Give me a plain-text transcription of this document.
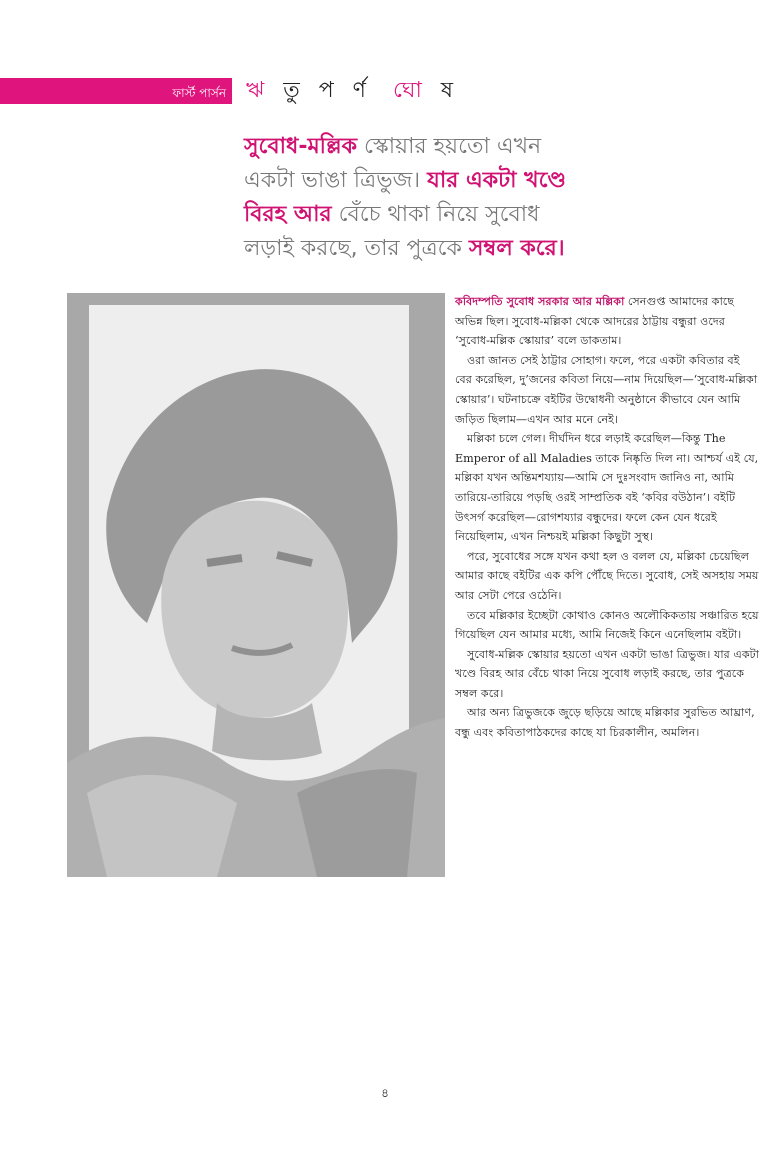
ফার্স্ট পার্সন ঋ তু প র্ণ ঘো ষ
সুবোধ-মল্লিক স্কোয়ার হয়তো এখন
একটা ভাঙা ত্রিভুজ। যার একটা খণ্ডে
বিরহ আর বেঁচে থাকা নিয়ে সুবোধ
লড়াই করছে, তার পুত্রকে সম্বল করে।

কবিদম্পতি সুবোধ সরকার আর মল্লিকা সেনগুপ্ত আমাদের কাছে অভিন্ন ছিল। সুবোধ-মল্লিকা থেকে আদরের ঠাট্টায় বন্ধুরা ওদের ‘সুবোধ-মল্লিক স্কোয়ার’ বলে ডাকতাম।

ওরা জানত সেই ঠাট্টার সোহাগ। ফলে, পরে একটা কবিতার বই বের করেছিল, দু’জনের কবিতা নিয়ে—নাম দিয়েছিল—‘সুবোধ-মল্লিকা স্কোয়ার’। ঘটনাচক্রে বইটির উদ্বোধনী অনুষ্ঠানে কীভাবে যেন আমি জড়িত ছিলাম—এখন আর মনে নেই।

মল্লিকা চলে গেল। দীর্ঘদিন ধরে লড়াই করেছিল—কিন্তু The Emperor of all Maladies তাকে নিষ্কৃতি দিল না। আশ্চর্য এই যে, মল্লিকা যখন অন্তিমশয্যায়—আমি সে দুঃসংবাদ জানিও না, আমি তারিয়ে-তারিয়ে পড়ছি ওরই সাম্প্রতিক বই ‘কবির বউঠান’। বইটি উৎসর্গ করেছিল—রোগশয্যার বন্ধুদের। ফলে কেন যেন ধরেই নিয়েছিলাম, এখন নিশ্চয়ই মল্লিকা কিছুটা সুস্থ।

পরে, সুবোধের সঙ্গে যখন কথা হল ও বলল যে, মল্লিকা চেয়েছিল আমার কাছে বইটির এক কপি পৌঁছে দিতে। সুবোধ, সেই অসহায় সময় আর সেটা পেরে ওঠেনি।

তবে মল্লিকার ইচ্ছেটা কোথাও কোনও অলৌকিকতায় সঞ্চারিত হয়ে গিয়েছিল যেন আমার মধ্যে, আমি নিজেই কিনে এনেছিলাম বইটা।

সুবোধ-মল্লিক স্কোয়ার হয়তো এখন একটা ভাঙা ত্রিভুজ। যার একটা খণ্ডে বিরহ আর বেঁচে থাকা নিয়ে সুবোধ লড়াই করছে, তার পুত্রকে সম্বল করে।

আর অন্য ত্রিভুজকে জুড়ে ছড়িয়ে আছে মল্লিকার সুরভিত আঘ্রাণ, বন্ধু এবং কবিতাপাঠকদের কাছে যা চিরকালীন, অমলিন।

৪
